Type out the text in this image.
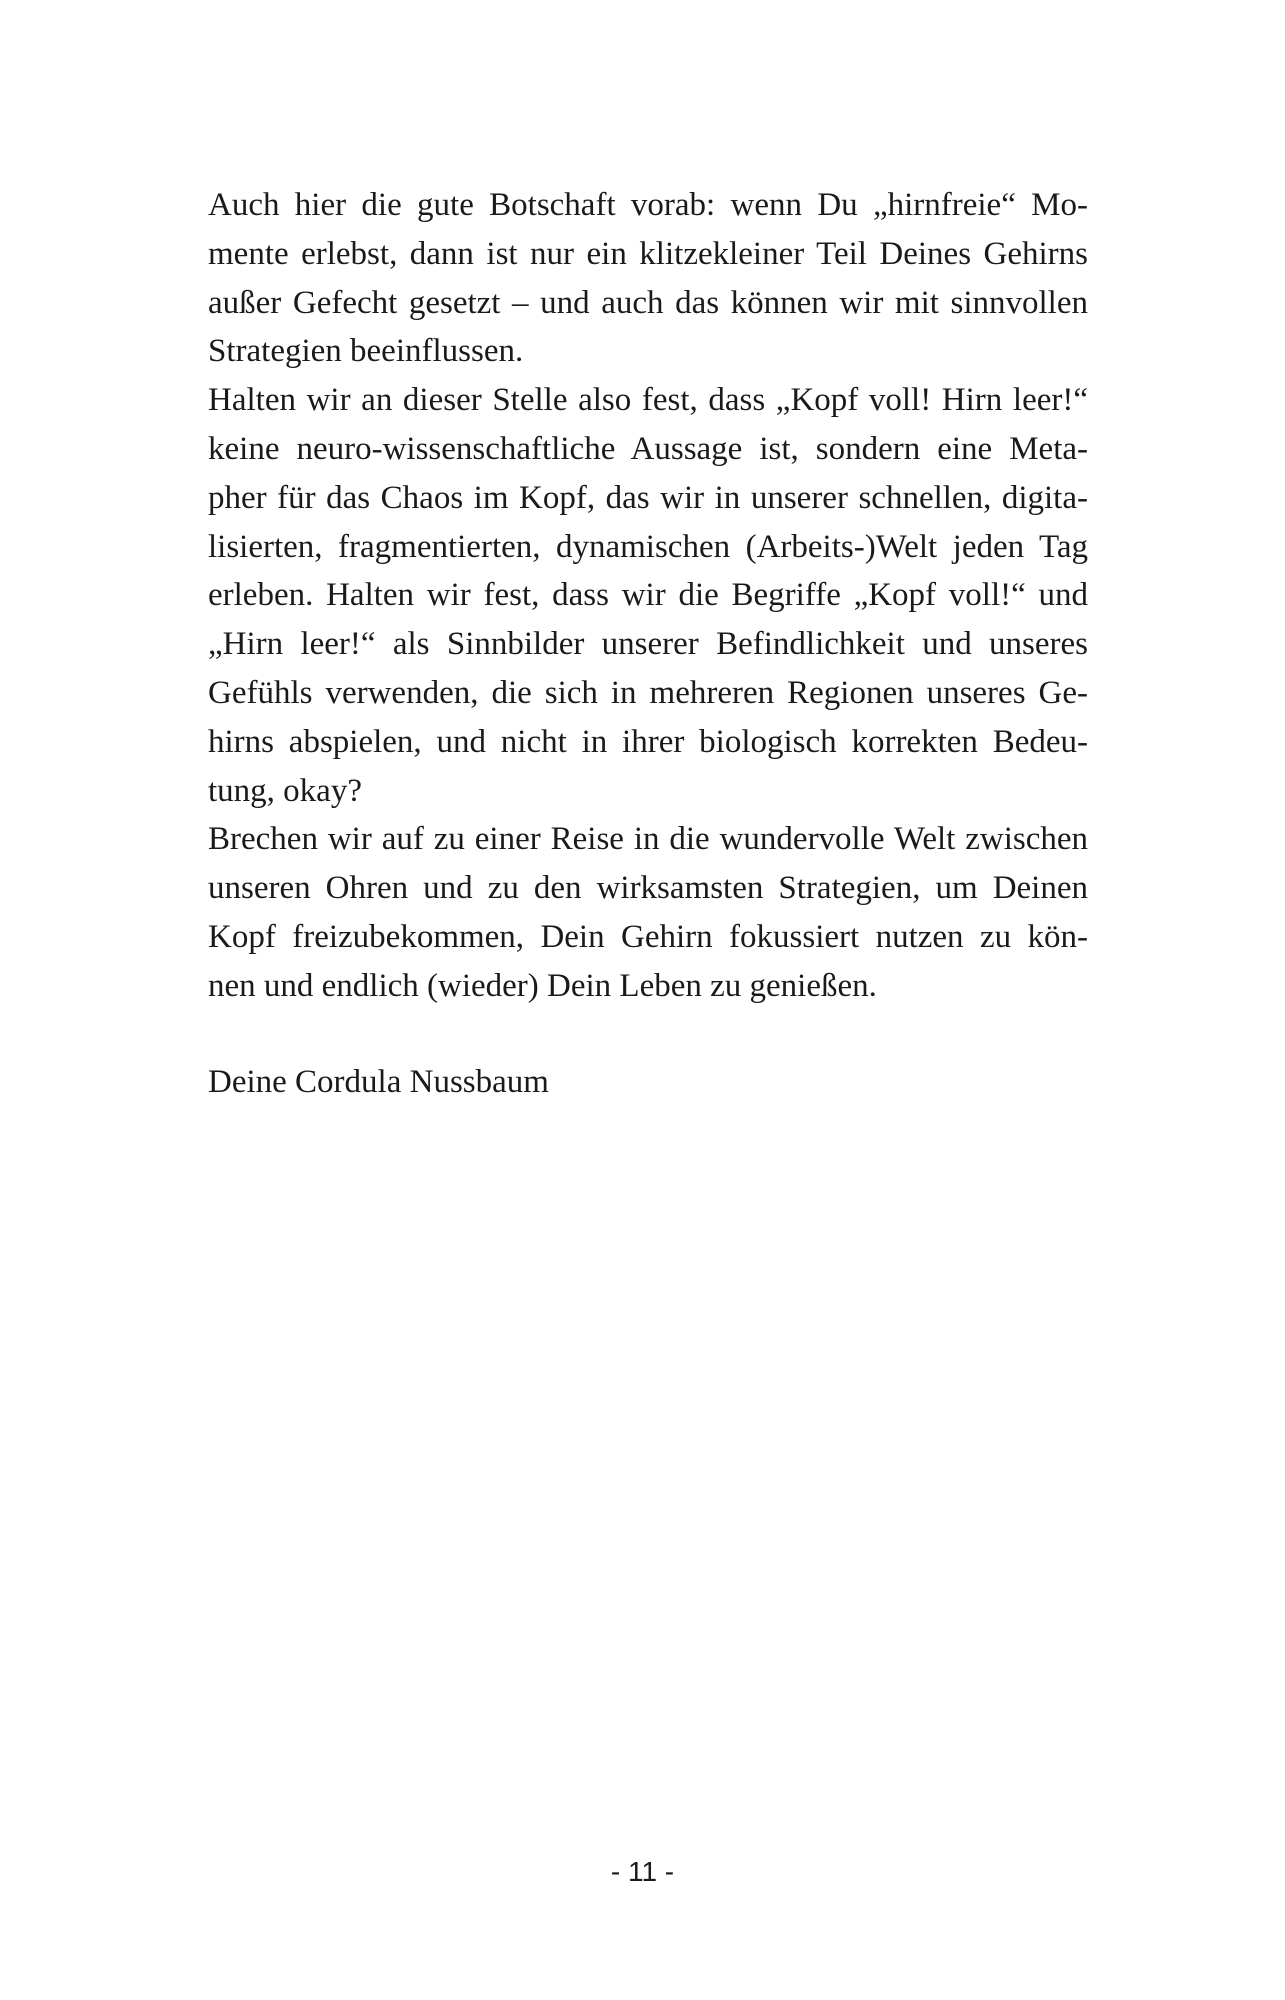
Auch hier die gute Botschaft vorab: wenn Du „hirnfreie“ Mo-
mente erlebst, dann ist nur ein klitzekleiner Teil Deines Gehirns
außer Gefecht gesetzt – und auch das können wir mit sinnvollen
Strategien beeinflussen.
Halten wir an dieser Stelle also fest, dass „Kopf voll! Hirn leer!“
keine neuro-wissenschaftliche Aussage ist, sondern eine Meta-
pher für das Chaos im Kopf, das wir in unserer schnellen, digita-
lisierten, fragmentierten, dynamischen (Arbeits-)Welt jeden Tag
erleben. Halten wir fest, dass wir die Begriffe „Kopf voll!“ und
„Hirn leer!“ als Sinnbilder unserer Befindlichkeit und unseres
Gefühls verwenden, die sich in mehreren Regionen unseres Ge-
hirns abspielen, und nicht in ihrer biologisch korrekten Bedeu-
tung, okay?
Brechen wir auf zu einer Reise in die wundervolle Welt zwischen
unseren Ohren und zu den wirksamsten Strategien, um Deinen
Kopf freizubekommen, Dein Gehirn fokussiert nutzen zu kön-
nen und endlich (wieder) Dein Leben zu genießen.
Deine Cordula Nussbaum
- 11 -
